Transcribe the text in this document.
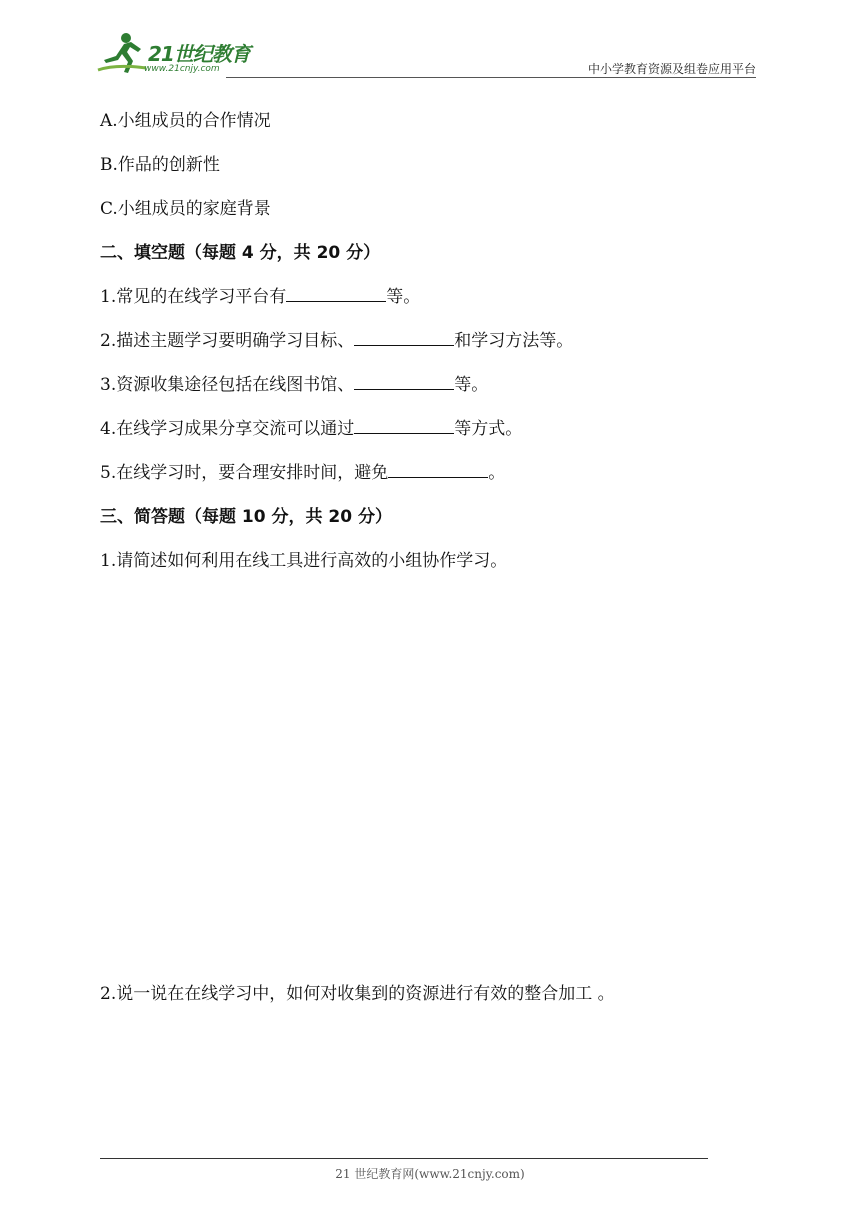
21世纪教育
www.21cnjy.com	中小学教育资源及组卷应用平台

A.小组成员的合作情况

B.作品的创新性

C.小组成员的家庭背景

二、填空题（每题 4 分，共 20 分）

1.常见的在线学习平台有	等。

2.描述主题学习要明确学习目标、	和学习方法等。

3.资源收集途径包括在线图书馆、	等。

4.在线学习成果分享交流可以通过	等方式。

5.在线学习时，要合理安排时间，避免	。

三、简答题（每题 10 分，共 20 分）

1.请简述如何利用在线工具进行高效的小组协作学习。

2.说一说在在线学习中，如何对收集到的资源进行有效的整合加工 。

21 世纪教育网(www.21cnjy.com)
